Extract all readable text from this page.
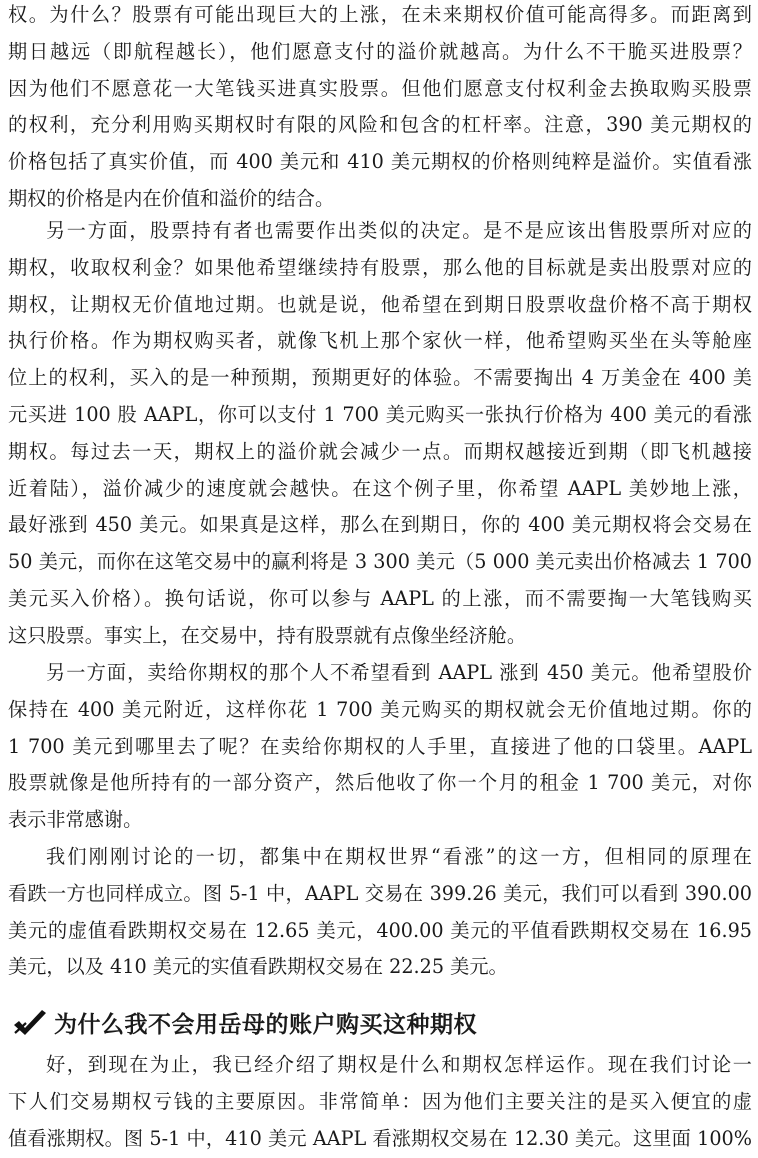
权。为什么？股票有可能出现巨大的上涨，在未来期权价值可能高得多。而距离到
期日越远（即航程越长），他们愿意支付的溢价就越高。为什么不干脆买进股票？
因为他们不愿意花一大笔钱买进真实股票。但他们愿意支付权利金去换取购买股票
的权利，充分利用购买期权时有限的风险和包含的杠杆率。注意，390 美元期权的
价格包括了真实价值，而 400 美元和 410 美元期权的价格则纯粹是溢价。实值看涨
期权的价格是内在价值和溢价的结合。
另一方面，股票持有者也需要作出类似的决定。是不是应该出售股票所对应的
期权，收取权利金？如果他希望继续持有股票，那么他的目标就是卖出股票对应的
期权，让期权无价值地过期。也就是说，他希望在到期日股票收盘价格不高于期权
执行价格。作为期权购买者，就像飞机上那个家伙一样，他希望购买坐在头等舱座
位上的权利，买入的是一种预期，预期更好的体验。不需要掏出 4 万美金在 400 美
元买进 100 股 AAPL，你可以支付 1 700 美元购买一张执行价格为 400 美元的看涨
期权。每过去一天，期权上的溢价就会减少一点。而期权越接近到期（即飞机越接
近着陆），溢价减少的速度就会越快。在这个例子里，你希望 AAPL 美妙地上涨，
最好涨到 450 美元。如果真是这样，那么在到期日，你的 400 美元期权将会交易在
50 美元，而你在这笔交易中的赢利将是 3 300 美元（5 000 美元卖出价格减去 1 700
美元买入价格）。换句话说，你可以参与 AAPL 的上涨，而不需要掏一大笔钱购买
这只股票。事实上，在交易中，持有股票就有点像坐经济舱。
另一方面，卖给你期权的那个人不希望看到 AAPL 涨到 450 美元。他希望股价
保持在 400 美元附近，这样你花 1 700 美元购买的期权就会无价值地过期。你的
1 700 美元到哪里去了呢？在卖给你期权的人手里，直接进了他的口袋里。AAPL
股票就像是他所持有的一部分资产，然后他收了你一个月的租金 1 700 美元，对你
表示非常感谢。
我们刚刚讨论的一切，都集中在期权世界“看涨”的这一方，但相同的原理在
看跌一方也同样成立。图 5-1 中，AAPL 交易在 399.26 美元，我们可以看到 390.00
美元的虚值看跌期权交易在 12.65 美元，400.00 美元的平值看跌期权交易在 16.95
美元，以及 410 美元的实值看跌期权交易在 22.25 美元。
为什么我不会用岳母的账户购买这种期权
好，到现在为止，我已经介绍了期权是什么和期权怎样运作。现在我们讨论一
下人们交易期权亏钱的主要原因。非常简单：因为他们主要关注的是买入便宜的虚
值看涨期权。图 5-1 中，410 美元 AAPL 看涨期权交易在 12.30 美元。这里面 100%
